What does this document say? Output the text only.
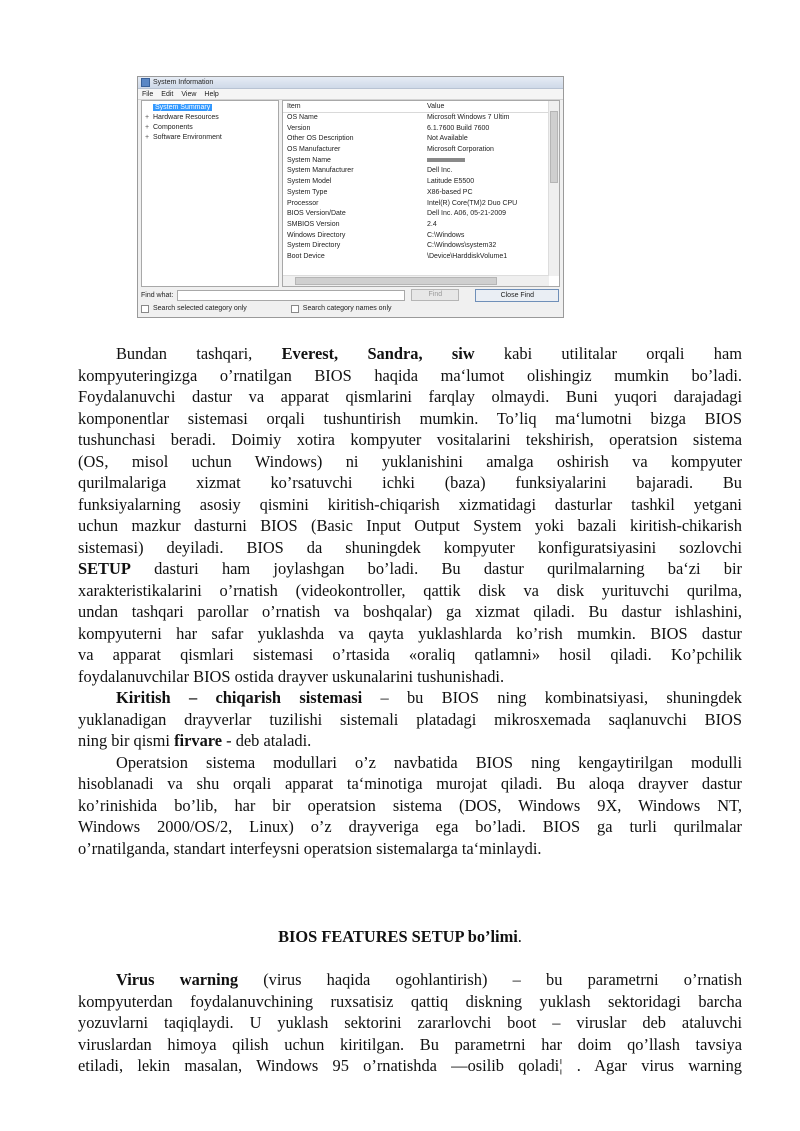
System Information
File Edit View Help
System Summary
+ Hardware Resources
+ Components
+ Software Environment
Item	Value
OS Name	Microsoft Windows 7 Ultim
Version	6.1.7600 Build 7600
Other OS Description	Not Available
OS Manufacturer	Microsoft Corporation
System Name
System Manufacturer	Dell Inc.
System Model	Latitude E5500
System Type	X86-based PC
Processor	Intel(R) Core(TM)2 Duo CPU
BIOS Version/Date	Dell Inc. A06, 05-21-2009
SMBIOS Version	2.4
Windows Directory	C:\Windows
System Directory	C:\Windows\system32
Boot Device	\Device\HarddiskVolume1
Find what:	Find	Close Find
Search selected category only	Search category names only
Bundan tashqari, Everest, Sandra, siw kabi utilitalar orqali ham
kompyuteringizga o’rnatilgan BIOS haqida ma‘lumot olishingiz mumkin bo’ladi.
Foydalanuvchi dastur va apparat qismlarini farqlay olmaydi. Buni yuqori darajadagi
komponentlar sistemasi orqali tushuntirish mumkin. To’liq ma‘lumotni bizga BIOS
tushunchasi beradi. Doimiy xotira kompyuter vositalarini tekshirish, operatsion sistema
(OS, misol uchun Windows) ni yuklanishini amalga oshirish va kompyuter
qurilmalariga xizmat ko’rsatuvchi ichki (baza) funksiyalarini bajaradi. Bu
funksiyalarning asosiy qismini kiritish-chiqarish xizmatidagi dasturlar tashkil yetgani
uchun mazkur dasturni BIOS (Basic Input Output System yoki bazali kiritish-chikarish
sistemasi) deyiladi. BIOS da shuningdek kompyuter konfiguratsiyasini sozlovchi
SETUP dasturi ham joylashgan bo’ladi. Bu dastur qurilmalarning ba‘zi bir
xarakteristikalarini o’rnatish (videokontroller, qattik disk va disk yurituvchi qurilma,
undan tashqari parollar o’rnatish va boshqalar) ga xizmat qiladi. Bu dastur ishlashini,
kompyuterni har safar yuklashda va qayta yuklashlarda ko’rish mumkin. BIOS dastur
va apparat qismlari sistemasi o’rtasida «oraliq qatlamni» hosil qiladi. Ko’pchilik
foydalanuvchilar BIOS ostida drayver uskunalarini tushunishadi.
Kiritish – chiqarish sistemasi – bu BIOS ning kombinatsiyasi, shuningdek
yuklanadigan drayverlar tuzilishi sistemali platadagi mikrosxemada saqlanuvchi BIOS
ning bir qismi firvare - deb ataladi.
Operatsion sistema modullari o’z navbatida BIOS ning kengaytirilgan modulli
hisoblanadi va shu orqali apparat ta‘minotiga murojat qiladi. Bu aloqa drayver dastur
ko’rinishida bo’lib, har bir operatsion sistema (DOS, Windows 9X, Windows NT,
Windows 2000/OS/2, Linux) o’z drayveriga ega bo’ladi. BIOS ga turli qurilmalar
o’rnatilganda, standart interfeysni operatsion sistemalarga ta‘minlaydi.
BIOS FEATURES SETUP bo’limi.
Virus warning (virus haqida ogohlantirish) – bu parametrni o’rnatish
kompyuterdan foydalanuvchining ruxsatisiz qattiq diskning yuklash sektoridagi barcha
yozuvlarni taqiqlaydi. U yuklash sektorini zararlovchi boot – viruslar deb ataluvchi
viruslardan himoya qilish uchun kiritilgan. Bu parametrni har doim qo’llash tavsiya
etiladi, lekin masalan, Windows 95 o’rnatishda ―osilib qoladi¦ . Agar virus warning
